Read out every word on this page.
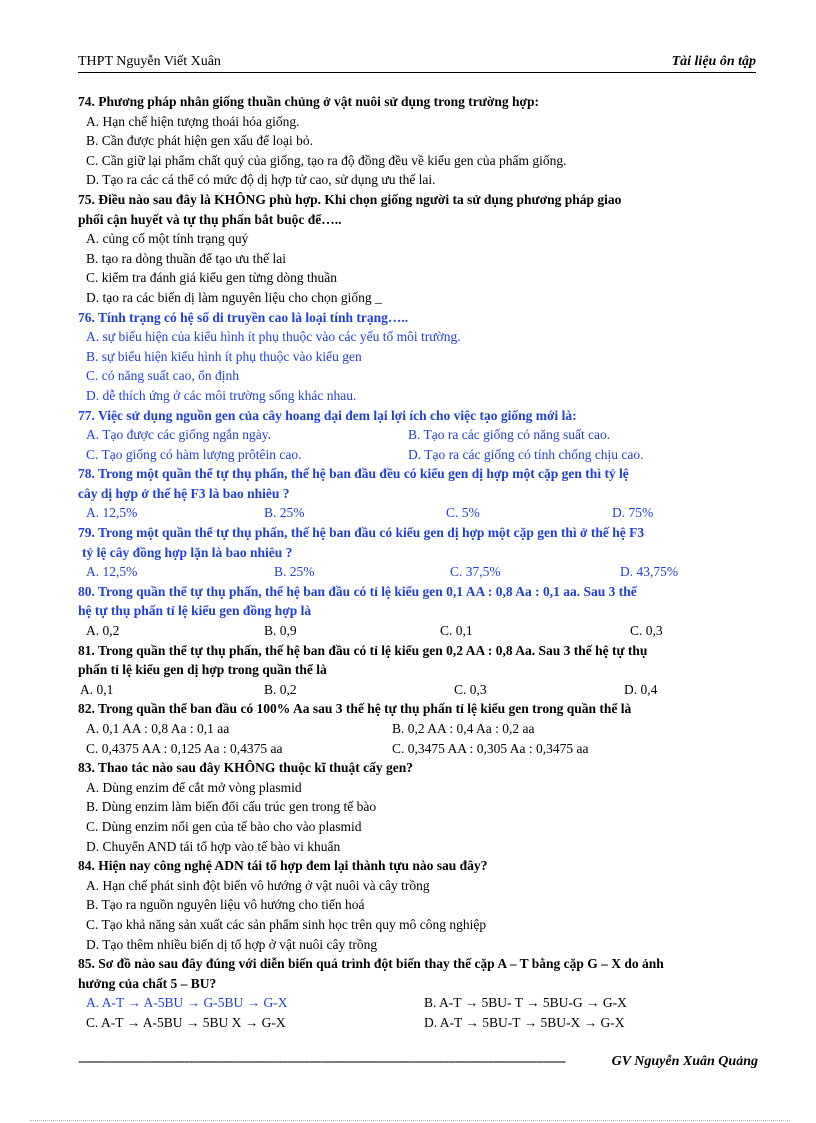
THPT Nguyễn Viết Xuân	Tài liệu ôn tập
74. Phương pháp nhân giống thuần chủng ở vật nuôi sử dụng trong trường hợp:
A. Hạn chế hiện tượng thoái hóa giống.
B. Cần được phát hiện gen xấu để loại bỏ.
C. Cần giữ lại phẩm chất quý của giống, tạo ra độ đồng đều về kiểu gen của phẩm giống.
D. Tạo ra các cá thể có mức độ dị hợp tử cao, sử dụng ưu thế lai.
75. Điều nào sau đây là KHÔNG phù hợp. Khi chọn giống người ta sử dụng phương pháp giao
phối cận huyết và tự thụ phấn bắt buộc để…..
A. củng cố một tính trạng quý
B. tạo ra dòng thuần để tạo ưu thế lai
C. kiểm tra đánh giá kiểu gen từng dòng thuần
D. tạo ra các biến dị làm nguyên liệu cho chọn giống _
76. Tính trạng có hệ số di truyền cao là loại tính trạng…..
A. sự biểu hiện của kiểu hình ít phụ thuộc vào các yếu tố môi trường.
B. sự biểu hiện kiểu hình ít phụ thuộc vào kiểu gen
C. có năng suất cao, ổn định
D. dễ thích ứng ở các môi trường sống khác nhau.
77. Việc sử dụng nguồn gen của cây hoang dại đem lại lợi ích cho việc tạo giống mới là:
A. Tạo được các giống ngắn ngày.	B. Tạo ra các giống có năng suất cao.
C. Tạo giống có hàm lượng prôtêin cao.	D. Tạo ra các giống có tính chống chịu cao.
78. Trong một quần thể tự thụ phấn, thế hệ ban đầu đều có kiểu gen dị hợp một cặp gen thì tỷ lệ
cây dị hợp ở thế hệ F3 là bao nhiêu ?
A. 12,5%	B. 25%	C. 5%	D. 75%
79. Trong một quần thể tự thụ phấn, thế hệ ban đầu có kiểu gen dị hợp một cặp gen thì ở thế hệ F3
tỷ lệ cây đồng hợp lặn là bao nhiêu ?
A. 12,5%	B. 25%	C. 37,5%	D. 43,75%
80. Trong quần thể tự thụ phấn, thế hệ ban đầu có tỉ lệ kiểu gen 0,1 AA : 0,8 Aa : 0,1 aa. Sau 3 thế
hệ tự thụ phấn tỉ lệ kiểu gen đồng hợp là
A. 0,2	B. 0,9	C. 0,1	C. 0,3
81. Trong quần thể tự thụ phấn, thế hệ ban đầu có tỉ lệ kiểu gen 0,2 AA : 0,8 Aa. Sau 3 thế hệ tự thụ
phấn tỉ lệ kiểu gen dị hợp trong quần thể là
A. 0,1	B. 0,2	C. 0,3	D. 0,4
82. Trong quần thể ban đầu có 100% Aa sau 3 thế hệ tự thụ phấn tỉ lệ kiểu gen trong quần thể là
A. 0,1 AA : 0,8 Aa : 0,1 aa	B. 0,2 AA : 0,4 Aa : 0,2 aa
C. 0,4375 AA : 0,125 Aa : 0,4375 aa	C. 0,3475 AA : 0,305 Aa : 0,3475 aa
83. Thao tác nào sau đây KHÔNG thuộc kĩ thuật cấy gen?
A. Dùng enzim để cắt mở vòng plasmid
B. Dùng enzim làm biến đổi cấu trúc gen trong tế bào
C. Dùng enzim nối gen của tế bào cho vào plasmid
D. Chuyển AND tái tổ hợp vào tế bào vi khuẩn
84. Hiện nay công nghệ ADN tái tổ hợp đem lại thành tựu nào sau đây?
A. Hạn chế phát sinh đột biến vô hướng ở vật nuôi và cây trồng
B. Tạo ra nguồn nguyên liệu vô hướng cho tiến hoá
C. Tạo khả năng sản xuất các sản phẩm sinh học trên quy mô công nghiệp
D. Tạo thêm nhiều biến dị tổ hợp ở vật nuôi cây trồng
85. Sơ đồ nào sau đây đúng với diễn biến quá trình đột biến thay thế cặp A – T bằng cặp G – X do ảnh
hưởng của chất 5 – BU?
A. A-T → A-5BU → G-5BU → G-X	B. A-T → 5BU- T → 5BU-G → G-X
C. A-T → A-5BU → 5BU X → G-X	D. A-T → 5BU-T → 5BU-X → G-X
-------------------------------------------------------------------------------------------------------------------------------------	GV Nguyễn Xuân Quảng
